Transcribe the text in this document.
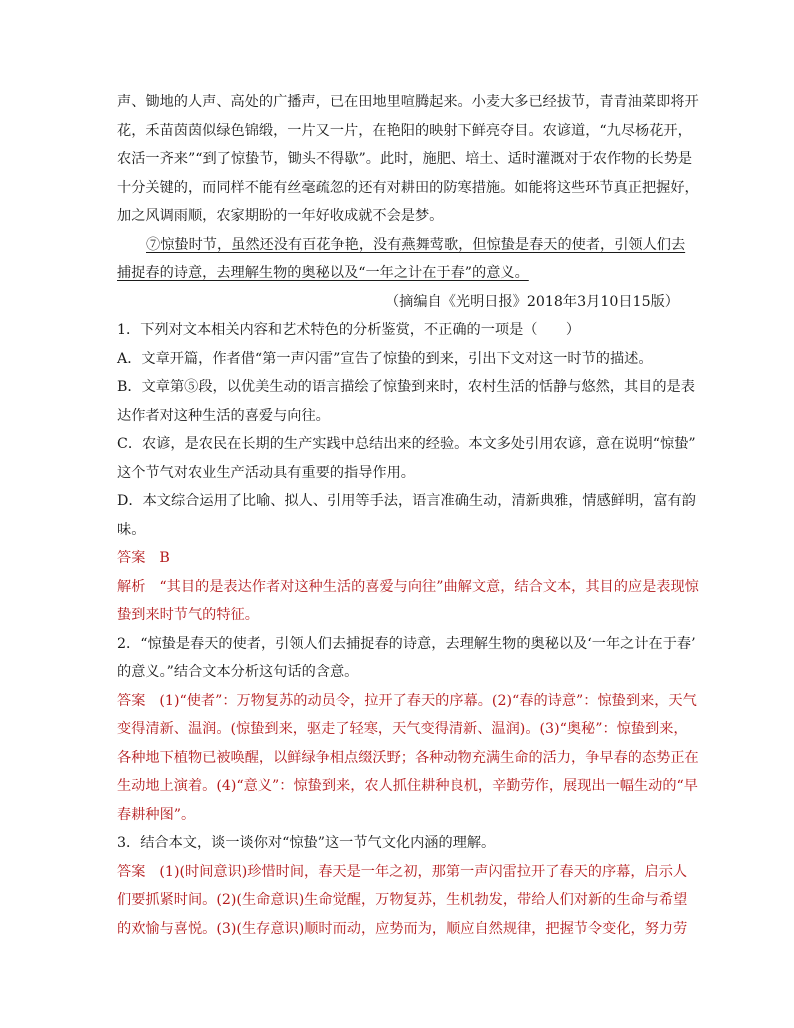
声、锄地的人声、高处的广播声，已在田地里喧腾起来。小麦大多已经拔节，青青油菜即将开
花，禾苗茵茵似绿色锦缎，一片又一片，在艳阳的映射下鲜亮夺目。农谚道，“九尽杨花开，
农活一齐来”“到了惊蛰节，锄头不得歇”。此时，施肥、培土、适时灌溉对于农作物的长势是
十分关键的，而同样不能有丝毫疏忽的还有对耕田的防寒措施。如能将这些环节真正把握好，
加之风调雨顺，农家期盼的一年好收成就不会是梦。
⑦惊蛰时节，虽然还没有百花争艳，没有燕舞莺歌，但惊蛰是春天的使者，引领人们去
捕捉春的诗意，去理解生物的奥秘以及“一年之计在于春”的意义。
（摘编自《光明日报》2018年3月10日15版）
1．下列对文本相关内容和艺术特色的分析鉴赏，不正确的一项是（　　）
A．文章开篇，作者借“第一声闪雷”宣告了惊蛰的到来，引出下文对这一时节的描述。
B．文章第⑤段，以优美生动的语言描绘了惊蛰到来时，农村生活的恬静与悠然，其目的是表
达作者对这种生活的喜爱与向往。
C．农谚，是农民在长期的生产实践中总结出来的经验。本文多处引用农谚，意在说明“惊蛰”
这个节气对农业生产活动具有重要的指导作用。
D．本文综合运用了比喻、拟人、引用等手法，语言准确生动，清新典雅，情感鲜明，富有韵
味。
答案 B
解析 “其目的是表达作者对这种生活的喜爱与向往”曲解文意，结合文本，其目的应是表现惊
蛰到来时节气的特征。
2．“惊蛰是春天的使者，引领人们去捕捉春的诗意，去理解生物的奥秘以及‘一年之计在于春’
的意义。”结合文本分析这句话的含意。
答案 (1)“使者”：万物复苏的动员令，拉开了春天的序幕。(2)“春的诗意”：惊蛰到来，天气
变得清新、温润。(惊蛰到来，驱走了轻寒，天气变得清新、温润)。(3)“奥秘”：惊蛰到来，
各种地下植物已被唤醒，以鲜绿争相点缀沃野；各种动物充满生命的活力，争早春的态势正在
生动地上演着。(4)“意义”：惊蛰到来，农人抓住耕种良机，辛勤劳作，展现出一幅生动的“早
春耕种图”。
3．结合本文，谈一谈你对“惊蛰”这一节气文化内涵的理解。
答案 (1)(时间意识)珍惜时间，春天是一年之初，那第一声闪雷拉开了春天的序幕，启示人
们要抓紧时间。(2)(生命意识)生命觉醒，万物复苏，生机勃发，带给人们对新的生命与希望
的欢愉与喜悦。(3)(生存意识)顺时而动，应势而为，顺应自然规律，把握节令变化，努力劳
